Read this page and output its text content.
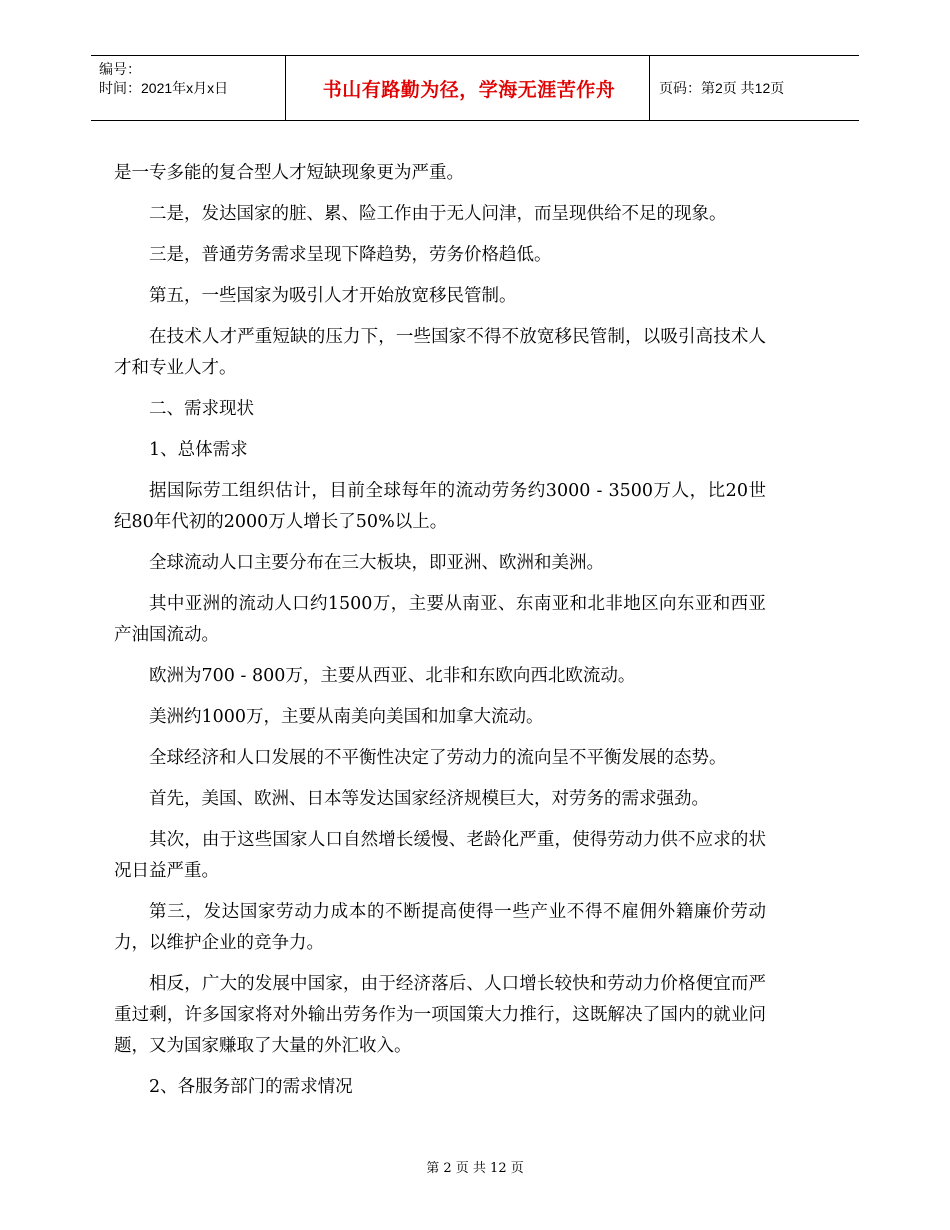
编号：
时间：2021年x月x日	书山有路勤为径，学海无涯苦作舟	页码：第2页 共12页

是一专多能的复合型人才短缺现象更为严重。

二是，发达国家的脏、累、险工作由于无人问津，而呈现供给不足的现象。

三是，普通劳务需求呈现下降趋势，劳务价格趋低。

第五，一些国家为吸引人才开始放宽移民管制。

在技术人才严重短缺的压力下，一些国家不得不放宽移民管制，以吸引高技术人才和专业人才。

二、需求现状

1、总体需求

据国际劳工组织估计，目前全球每年的流动劳务约3000 - 3500万人，比20世纪80年代初的2000万人增长了50%以上。

全球流动人口主要分布在三大板块，即亚洲、欧洲和美洲。

其中亚洲的流动人口约1500万，主要从南亚、东南亚和北非地区向东亚和西亚产油国流动。

欧洲为700 - 800万，主要从西亚、北非和东欧向西北欧流动。

美洲约1000万，主要从南美向美国和加拿大流动。

全球经济和人口发展的不平衡性决定了劳动力的流向呈不平衡发展的态势。

首先，美国、欧洲、日本等发达国家经济规模巨大，对劳务的需求强劲。

其次，由于这些国家人口自然增长缓慢、老龄化严重，使得劳动力供不应求的状况日益严重。

第三，发达国家劳动力成本的不断提高使得一些产业不得不雇佣外籍廉价劳动力，以维护企业的竞争力。

相反，广大的发展中国家，由于经济落后、人口增长较快和劳动力价格便宜而严重过剩，许多国家将对外输出劳务作为一项国策大力推行，这既解决了国内的就业问题，又为国家赚取了大量的外汇收入。

2、各服务部门的需求情况

第 2 页 共 12 页
